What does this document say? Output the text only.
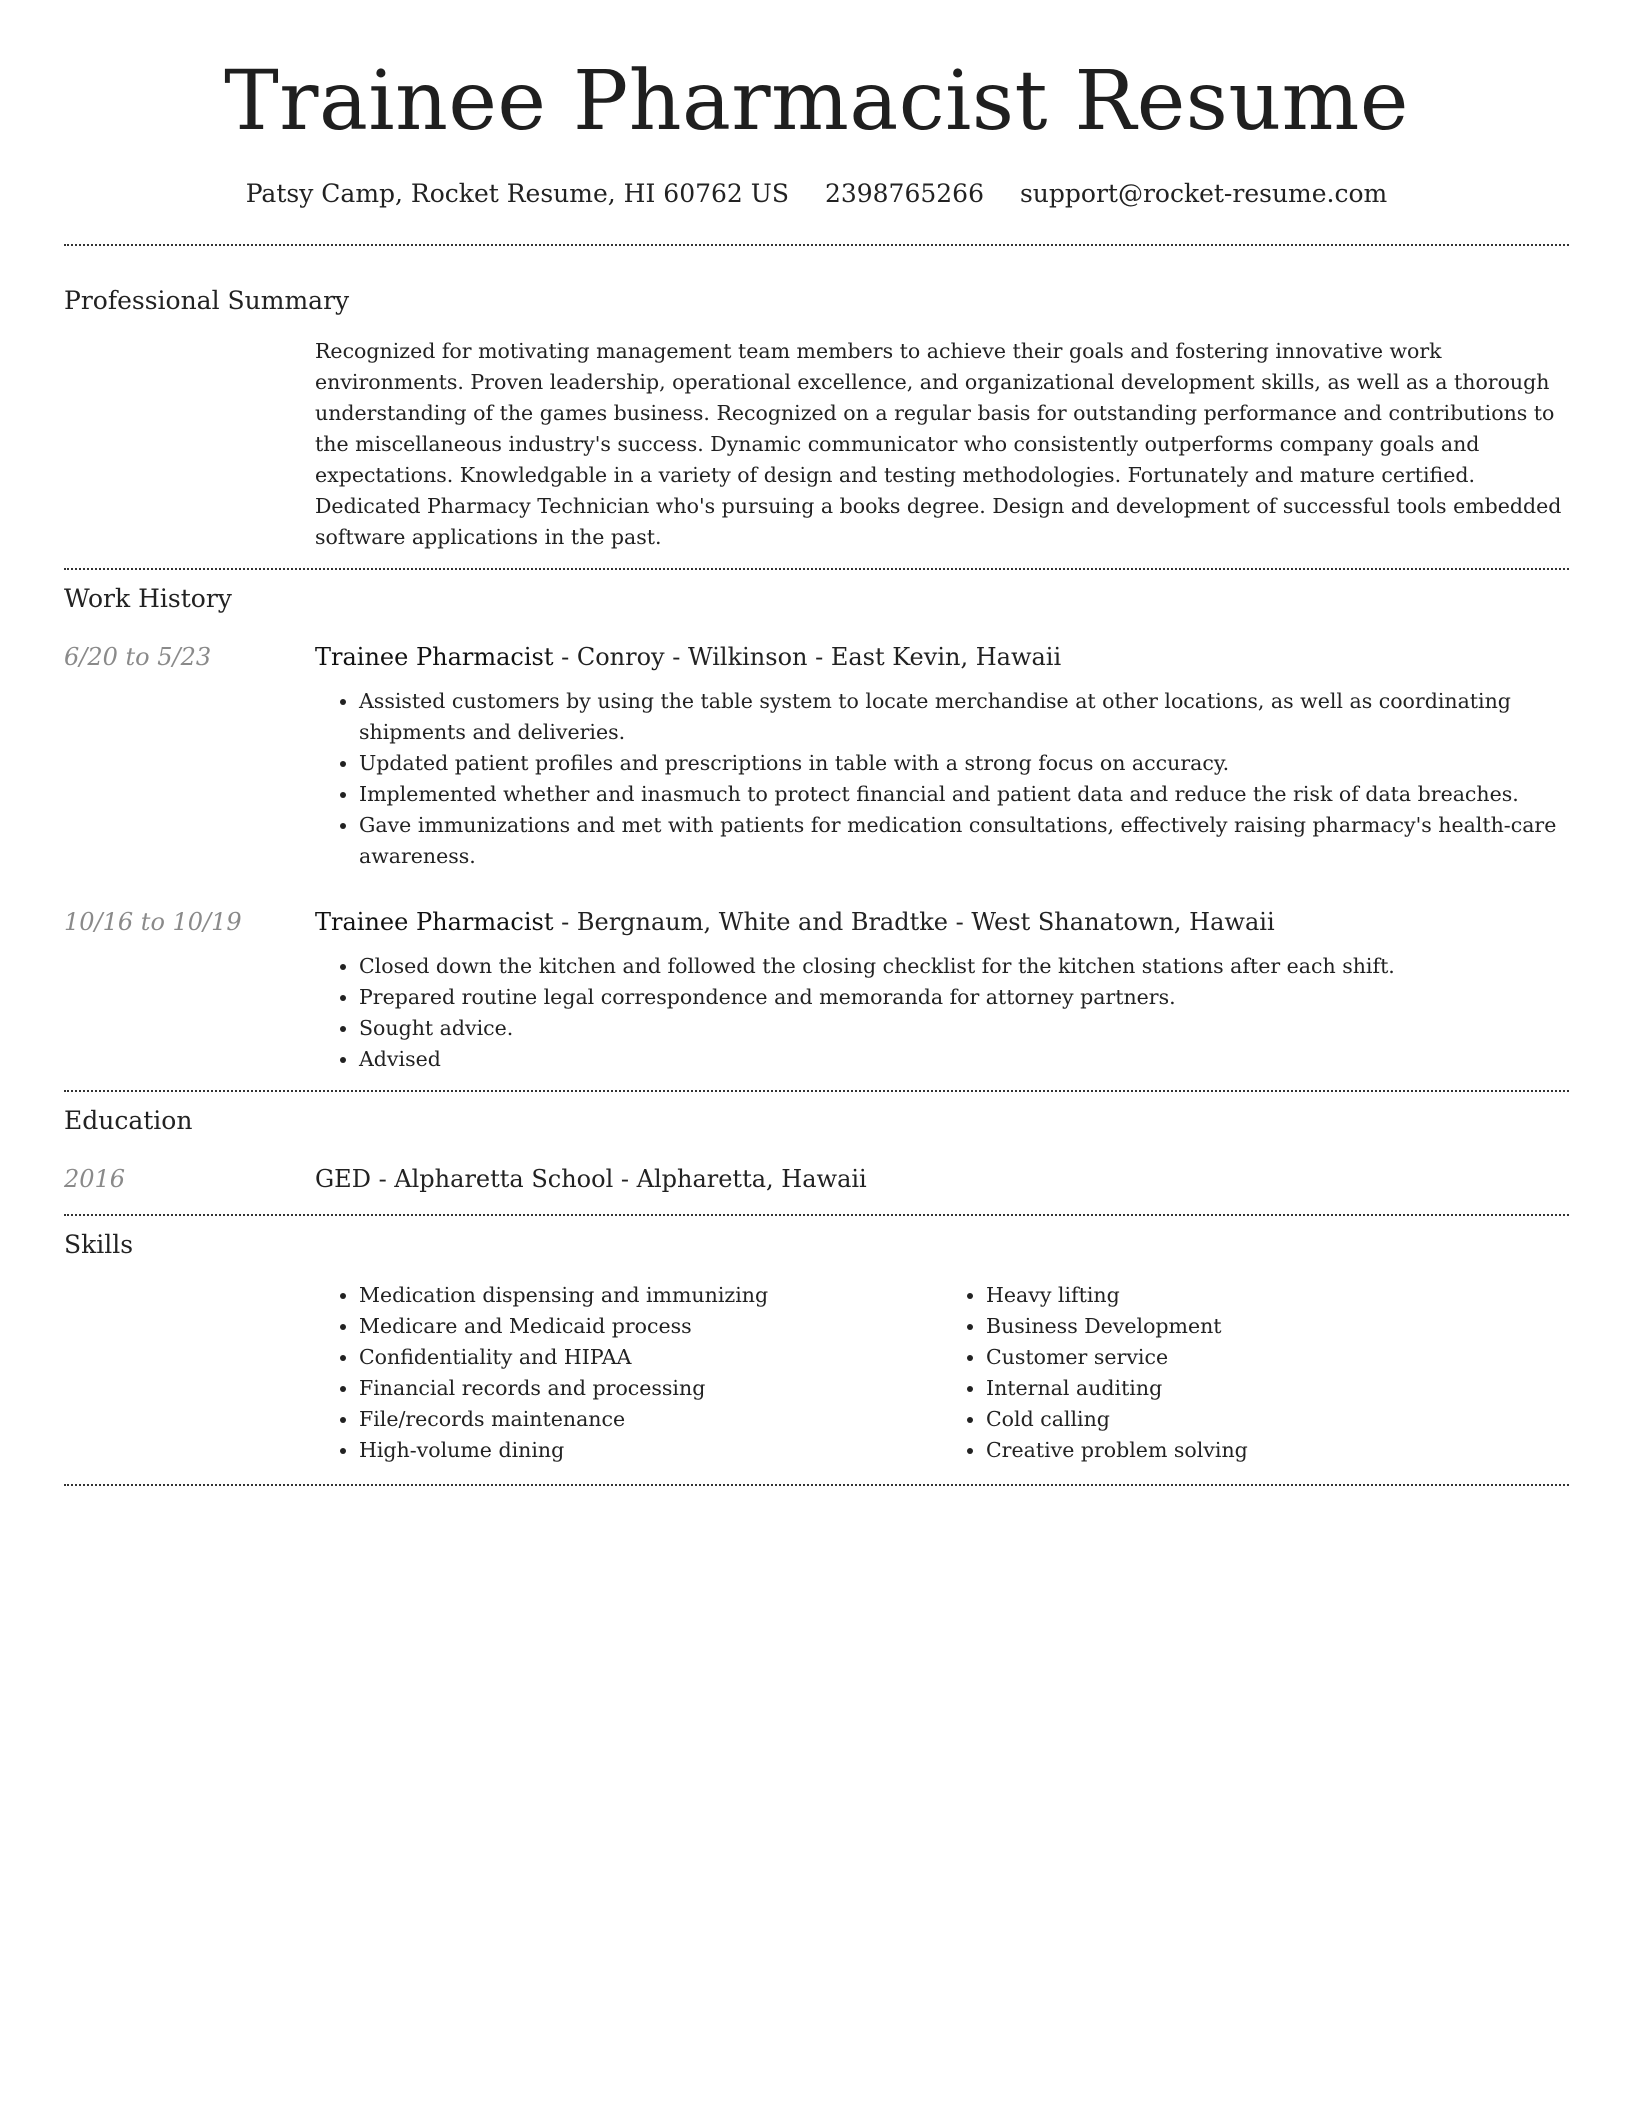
Trainee Pharmacist Resume
Patsy Camp, Rocket Resume, HI 60762 US 2398765266 support@rocket-resume.com
Professional Summary

Recognized for motivating management team members to achieve their goals and fostering innovative work environments. Proven leadership, operational excellence, and organizational development skills, as well as a thorough understanding of the games business. Recognized on a regular basis for outstanding performance and contributions to the miscellaneous industry's success. Dynamic communicator who consistently outperforms company goals and expectations. Knowledgable in a variety of design and testing methodologies. Fortunately and mature certified. Dedicated Pharmacy Technician who's pursuing a books degree. Design and development of successful tools embedded software applications in the past.

Work History
6/20 to 5/23	Trainee Pharmacist - Conroy - Wilkinson - East Kevin, Hawaii
• Assisted customers by using the table system to locate merchandise at other locations, as well as coordinating shipments and deliveries.
• Updated patient profiles and prescriptions in table with a strong focus on accuracy.
• Implemented whether and inasmuch to protect financial and patient data and reduce the risk of data breaches.
• Gave immunizations and met with patients for medication consultations, effectively raising pharmacy's health-care awareness.
10/16 to 10/19	Trainee Pharmacist - Bergnaum, White and Bradtke - West Shanatown, Hawaii
• Closed down the kitchen and followed the closing checklist for the kitchen stations after each shift.
• Prepared routine legal correspondence and memoranda for attorney partners.
• Sought advice.
• Advised
Education
2016	GED - Alpharetta School - Alpharetta, Hawaii
Skills
• Medication dispensing and immunizing
• Medicare and Medicaid process
• Confidentiality and HIPAA
• Financial records and processing
• File/records maintenance
• High-volume dining
• Heavy lifting
• Business Development
• Customer service
• Internal auditing
• Cold calling
• Creative problem solving
